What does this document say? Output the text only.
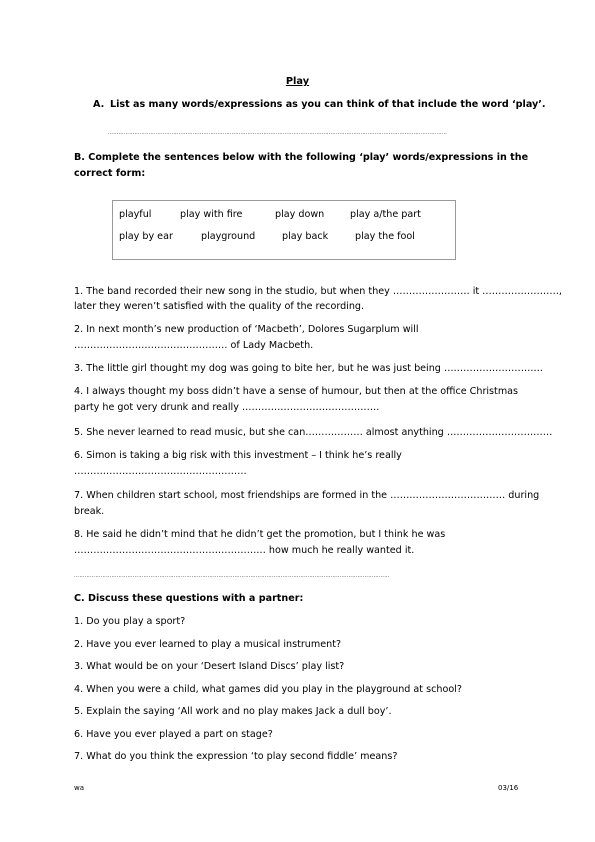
Play
A. List as many words/expressions as you can think of that include the word ‘play’.
…………………………………………………………………………………………………………………………………………………………………………
B. Complete the sentences below with the following ‘play’ words/expressions in the
correct form:
playful	play with fire	play down	play a/the part
play by ear	playground	play back	play the fool
1. The band recorded their new song in the studio, but when they …………………… it ……………………,
later they weren’t satisfied with the quality of the recording.
2. In next month’s new production of ‘Macbeth’, Dolores Sugarplum will
………………………………………… of Lady Macbeth.
3. The little girl thought my dog was going to bite her, but he was just being ………………………….
4. I always thought my boss didn’t have a sense of humour, but then at the office Christmas
party he got very drunk and really …………………………………….
5. She never learned to read music, but she can……………… almost anything ……………………………
6. Simon is taking a big risk with this investment – I think he’s really
………………………………………………
7. When children start school, most friendships are formed in the ……………………………… during
break.
8. He said he didn’t mind that he didn’t get the promotion, but I think he was
…………………………………………………… how much he really wanted it.
……………………………………………………………………………………………………………………………………………………………
C. Discuss these questions with a partner:
1. Do you play a sport?
2. Have you ever learned to play a musical instrument?
3. What would be on your ‘Desert Island Discs’ play list?
4. When you were a child, what games did you play in the playground at school?
5. Explain the saying ‘All work and no play makes Jack a dull boy’.
6. Have you ever played a part on stage?
7. What do you think the expression ‘to play second fiddle’ means?
wa	03/16
